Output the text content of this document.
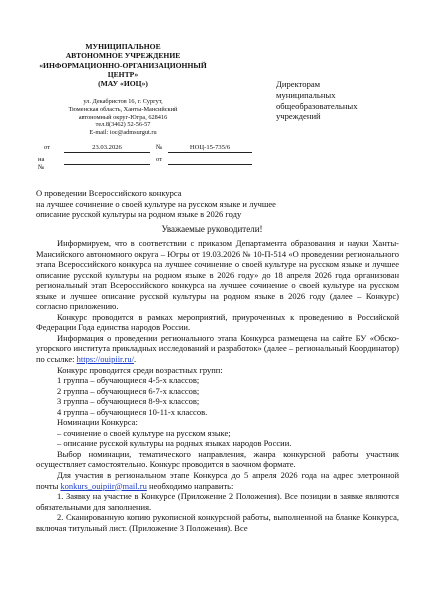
МУНИЦИПАЛЬНОЕ
АВТОНОМНОЕ УЧРЕЖДЕНИЕ
«ИНФОРМАЦИОННО-ОРГАНИЗАЦИОННЫЙ
ЦЕНТР»
(МАУ «ИОЦ»)
ул. Декабристов 16, г. Сургут,
Тюменская область, Ханты-Мансийский
автономный округ-Югра, 628416
тел.8(3462) 52-56-57
E-mail: ioc@admsurgut.ru
Директорам
муниципальных
общеобразовательных
учреждений
от	23.03.2026	№	НОЦ-15-735/6
на №
от
О проведении Всероссийского конкурса
на лучшее сочинение о своей культуре на русском языке и лучшее
описание русской культуры на родном языке в 2026 году
Уважаемые руководители!

Информируем, что в соответствии с приказом Департамента образования и науки Ханты-Мансийского автономного округа – Югры от 19.03.2026 № 10-П-514 «О проведении регионального этапа Всероссийского конкурса на лучшее сочинение о своей культуре на русском языке и лучшее описание русской культуры на родном языке в 2026 году» до 18 апреля 2026 года организован региональный этап Всероссийского конкурса на лучшее сочинение о своей культуре на русском языке и лучшее описание русской культуры на родном языке в 2026 году (далее – Конкурс) согласно приложению.

Конкурс проводится в рамках мероприятий, приуроченных к проведению в Российской Федерации Года единства народов России.

Информация о проведении регионального этапа Конкурса размещена на сайте БУ «Обско-угорского института прикладных исследований и разработок» (далее – региональный Координатор) по ссылке: https://ouipiir.ru/.

Конкурс проводится среди возрастных групп:

1 группа – обучающиеся 4-5-х классов;

2 группа – обучающиеся 6-7-х классов;

3 группа – обучающиеся 8-9-х классов;

4 группа – обучающиеся 10-11-х классов.

Номинации Конкурса:

– сочинение о своей культуре на русском языке;

– описание русской культуры на родных языках народов России.

Выбор номинации, тематического направления, жанра конкурсной работы участник осуществляет самостоятельно. Конкурс проводится в заочном формате.

Для участия в региональном этапе Конкурса до 5 апреля 2026 года на адрес элетронной почты konkurs_ouipiir@mail.ru необходимо направить:

1. Заявку на участие в Конкурсе (Приложение 2 Положения). Все позиции в заявке являются обязательными для заполнения.

2. Сканированную копию рукописной конкурсной работы, выполненной на бланке Конкурса, включая титульный лист. (Приложение 3 Положения). Все
